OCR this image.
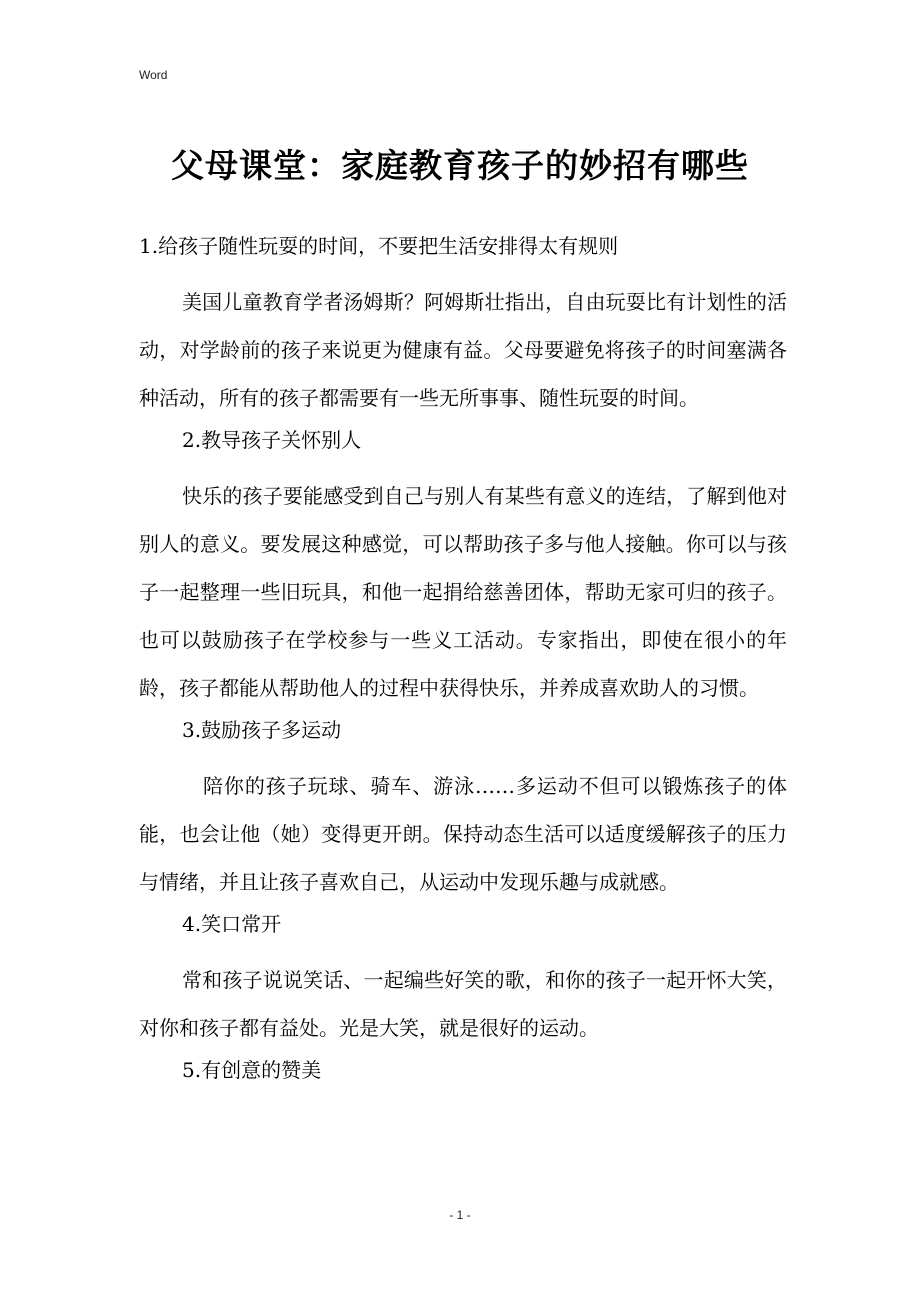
Word
父母课堂：家庭教育孩子的妙招有哪些
1.给孩子随性玩耍的时间，不要把生活安排得太有规则

美国儿童教育学者汤姆斯？阿姆斯壮指出，自由玩耍比有计划性的活动，对学龄前的孩子来说更为健康有益。父母要避免将孩子的时间塞满各种活动，所有的孩子都需要有一些无所事事、随性玩耍的时间。

2.教导孩子关怀别人

快乐的孩子要能感受到自己与别人有某些有意义的连结，了解到他对别人的意义。要发展这种感觉，可以帮助孩子多与他人接触。你可以与孩子一起整理一些旧玩具，和他一起捐给慈善团体，帮助无家可归的孩子。也可以鼓励孩子在学校参与一些义工活动。专家指出，即使在很小的年龄，孩子都能从帮助他人的过程中获得快乐，并养成喜欢助人的习惯。

3.鼓励孩子多运动

陪你的孩子玩球、骑车、游泳……多运动不但可以锻炼孩子的体能，也会让他（她）变得更开朗。保持动态生活可以适度缓解孩子的压力与情绪，并且让孩子喜欢自己，从运动中发现乐趣与成就感。

4.笑口常开

常和孩子说说笑话、一起编些好笑的歌，和你的孩子一起开怀大笑，对你和孩子都有益处。光是大笑，就是很好的运动。

5.有创意的赞美
- 1 -
